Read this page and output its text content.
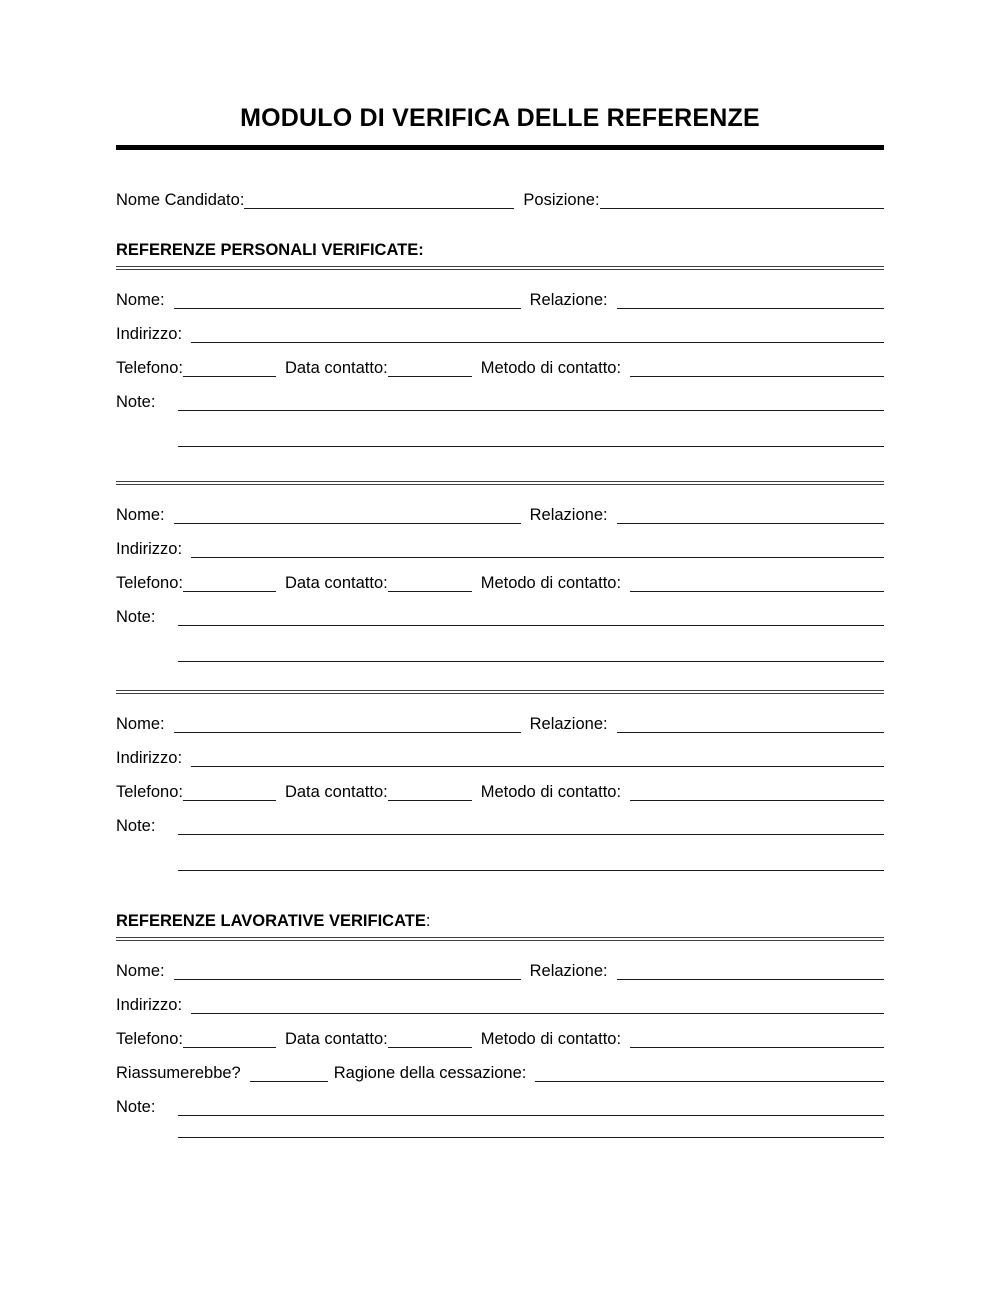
MODULO DI VERIFICA DELLE REFERENZE
Nome Candidato:	Posizione:
REFERENZE PERSONALI VERIFICATE:
Nome:	Relazione:
Indirizzo:
Telefono:	Data contatto:	Metodo di contatto:
Note:
Nome:	Relazione:
Indirizzo:
Telefono:	Data contatto:	Metodo di contatto:
Note:
Nome:	Relazione:
Indirizzo:
Telefono:	Data contatto:	Metodo di contatto:
Note:
REFERENZE LAVORATIVE VERIFICATE:
Nome:	Relazione:
Indirizzo:
Telefono:	Data contatto:	Metodo di contatto:
Riassumerebbe?	Ragione della cessazione:
Note:
